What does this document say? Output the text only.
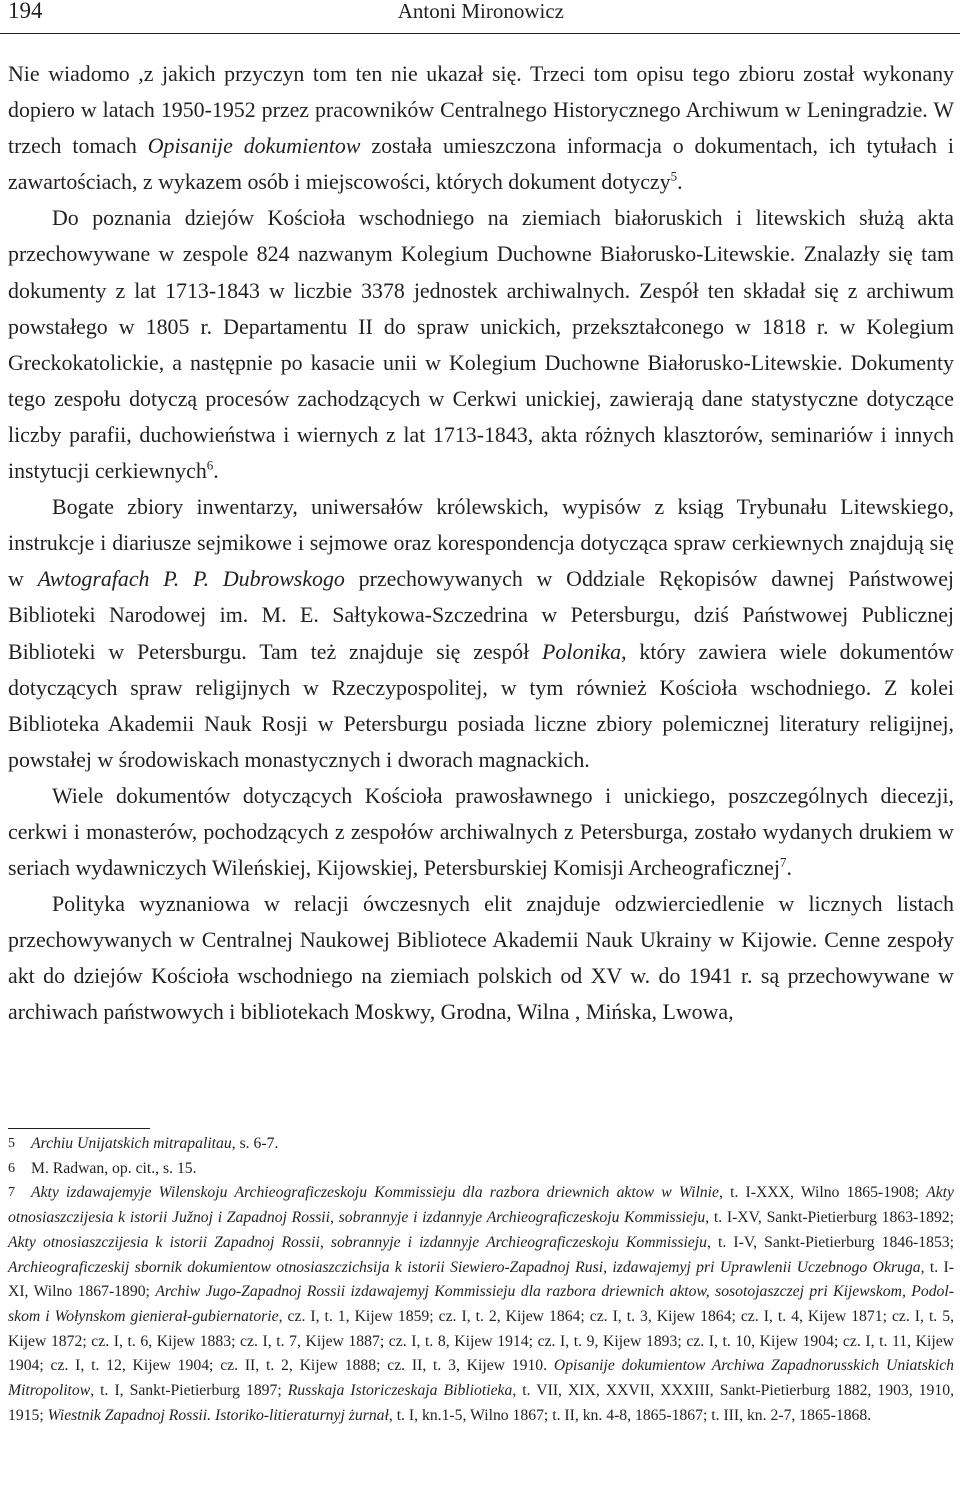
194	Antoni Mironowicz

Nie wiadomo ,z jakich przyczyn tom ten nie ukazał się. Trzeci tom opisu tego zbioru został wykonany dopiero w latach 1950-1952 przez pracowników Centralnego Historycznego Archiwum w Leningradzie. W trzech tomach Opisanije dokumientow została umieszczona informacja o dokumentach, ich tytułach i zawartościach, z wykazem osób i miejscowości, których dokument dotyczy$^5$.

Do poznania dziejów Kościoła wschodniego na ziemiach białoruskich i litewskich służą akta przechowywane w zespole 824 nazwanym Kolegium Duchowne Białorusko-Litewskie. Znalazły się tam dokumenty z lat 1713-1843 w liczbie 3378 jednostek archiwalnych. Zespół ten składał się z archiwum powstałego w 1805 r. Departamentu II do spraw unickich, przekształconego w 1818 r. w Kolegium Greckokatolickie, a następnie po kasacie unii w Kolegium Duchowne Białorusko-Litewskie. Dokumenty tego zespołu dotyczą procesów zachodzących w Cerkwi unickiej, zawierają dane statystyczne dotyczące liczby parafii, duchowieństwa i wiernych z lat 1713-1843, akta różnych klasztorów, seminariów i innych instytucji cerkiewnych$^6$.

Bogate zbiory inwentarzy, uniwersałów królewskich, wypisów z ksiąg Trybunału Litewskiego, instrukcje i diariusze sejmikowe i sejmowe oraz korespondencja dotycząca spraw cerkiewnych znajdują się w Awtografach P. P. Dubrowskogo przechowywanych w Oddziale Rękopisów dawnej Państwowej Biblioteki Narodowej im. M. E. Sałtykowa-Szczedrina w Petersburgu, dziś Państwowej Publicznej Biblioteki w Petersburgu. Tam też znajduje się zespół Polonika, który zawiera wiele dokumentów dotyczących spraw religijnych w Rzeczypospolitej, w tym również Kościoła wschodniego. Z kolei Biblioteka Akademii Nauk Rosji w Petersburgu posiada liczne zbiory polemicznej literatury religijnej, powstałej w środowiskach monastycznych i dworach magnackich.

Wiele dokumentów dotyczących Kościoła prawosławnego i unickiego, poszczególnych diecezji, cerkwi i monasterów, pochodzących z zespołów archiwalnych z Petersburga, zostało wydanych drukiem w seriach wydawniczych Wileńskiej, Kijowskiej, Petersburskiej Komisji Archeograficznej$^7$.

Polityka wyznaniowa w relacji ówczesnych elit znajduje odzwierciedlenie w licznych listach przechowywanych w Centralnej Naukowej Bibliotece Akademii Nauk Ukrainy w Kijowie. Cenne zespoły akt do dziejów Kościoła wschodniego na ziemiach polskich od XV w. do 1941 r. są przechowywane w archiwach państwowych i bibliotekach Moskwy, Grodna, Wilna , Mińska, Lwowa,

5 Archiu Unijatskich mitrapalitau, s. 6-7.

6 M. Radwan, op. cit., s. 15.

7 Akty izdawajemyje Wilenskoju Archieograficzeskoju Kommissieju dla razbora driewnich aktow w Wilnie, t. I-XXX, Wilno 1865-1908; Akty otnosiaszczijesia k istorii Južnoj i Zapadnoj Rossii, sobrannyje i izdannyje Archieograficzeskoju Kommissieju, t. I-XV, Sankt-Pietierburg 1863-1892; Akty otnosiaszczijesia k istorii Zapadnoj Rossii, sobrannyje i izdannyje Archieograficzeskoju Kommissieju, t. I-V, Sankt-Pietierburg 1846-1853; Archieograficzeskij sbornik dokumientow otnosiaszczichsija k istorii Siewiero-Zapadnoj Rusi, izdawajemyj pri Uprawlenii Uczebnogo Okruga, t. I-XI, Wilno 1867-1890; Archiw Jugo-Zapadnoj Rossii izdawajemyj Kommissieju dla razbora driewnich aktow, sosotojaszczej pri Kijewskom, Podolskom i Wołynskom gienierał-gubiernatorie, cz. I, t. 1, Kijew 1859; cz. I, t. 2, Kijew 1864; cz. I, t. 3, Kijew 1864; cz. I, t. 4, Kijew 1871; cz. I, t. 5, Kijew 1872; cz. I, t. 6, Kijew 1883; cz. I, t. 7, Kijew 1887; cz. I, t. 8, Kijew 1914; cz. I, t. 9, Kijew 1893; cz. I, t. 10, Kijew 1904; cz. I, t. 11, Kijew 1904; cz. I, t. 12, Kijew 1904; cz. II, t. 2, Kijew 1888; cz. II, t. 3, Kijew 1910. Opisanije dokumientow Archiwa Zapadnorusskich Uniatskich Mitropolitow, t. I, Sankt-Pietierburg 1897; Russkaja Istoriczeskaja Bibliotieka, t. VII, XIX, XXVII, XXXIII, Sankt-Pietierburg 1882, 1903, 1910, 1915; Wiestnik Zapadnoj Rossii. Istoriko-litieraturnyj żurnał, t. I, kn.1-5, Wilno 1867; t. II, kn. 4-8, 1865-1867; t. III, kn. 2-7, 1865-1868.
